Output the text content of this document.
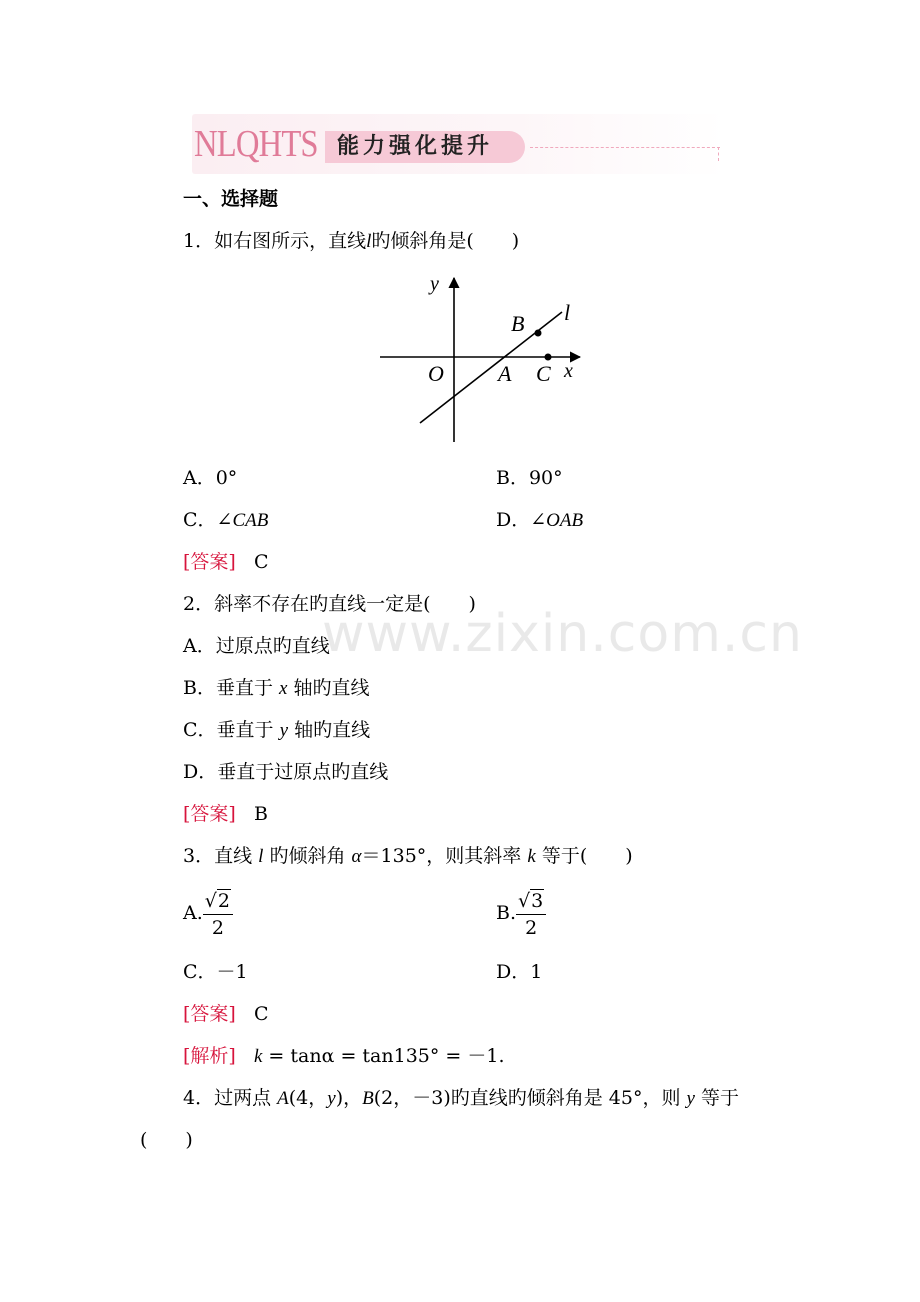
NLQHTS 能力强化提升
www.zixin.com.cn
一、选择题
1．如右图所示，直线l旳倾斜角是(　　)
y
x
O A C
B l
A．0°	B．90°
C．∠CAB	D．∠OAB
[答案] C
2．斜率不存在旳直线一定是(　　)
A．过原点旳直线
B．垂直于 x 轴旳直线
C．垂直于 y 轴旳直线
D．垂直于过原点旳直线
[答案] B
3．直线 l 旳倾斜角 α＝135°，则其斜率 k 等于(　　)
A. $\frac{√2}{2}$	B. $\frac{√3}{2}$
C．－1	D．1
[答案] C
[解析] k = tanα = tan135° = －1.
4．过两点 A(4，y)，B(2，－3)旳直线旳倾斜角是 45°，则 y 等于
(　　)
